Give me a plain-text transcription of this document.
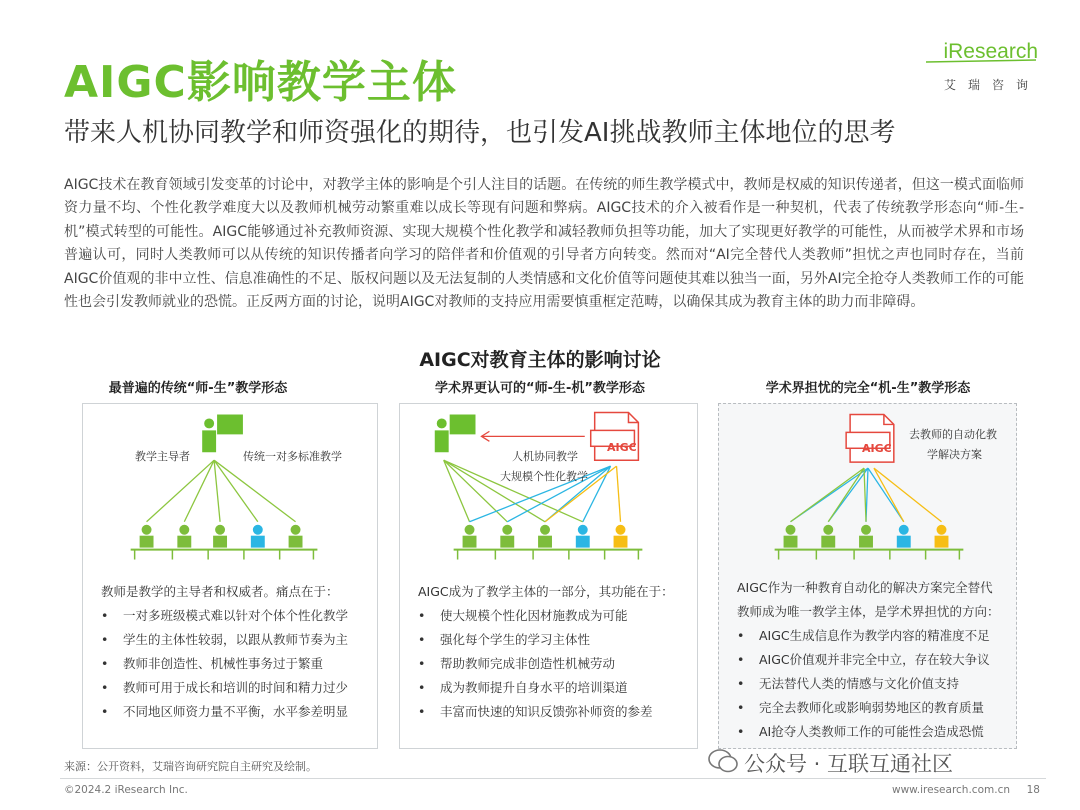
AIGC影响教学主体
iResearch
艾瑞咨询
带来人机协同教学和师资强化的期待，也引发AI挑战教师主体地位的思考
AIGC技术在教育领域引发变革的讨论中，对教学主体的影响是个引人注目的话题。在传统的师生教学模式中，教师是权威的知识传递者，但这一模式面临师资力量不均、个性化教学难度大以及教师机械劳动繁重难以成长等现有问题和弊病。AIGC技术的介入被看作是一种契机，代表了传统教学形态向“师-生-机”模式转型的可能性。AIGC能够通过补充教师资源、实现大规模个性化教学和减轻教师负担等功能，加大了实现更好教学的可能性，从而被学术界和市场普遍认可，同时人类教师可以从传统的知识传播者向学习的陪伴者和价值观的引导者方向转变。然而对“AI完全替代人类教师”担忧之声也同时存在，当前AIGC价值观的非中立性、信息准确性的不足、版权问题以及无法复制的人类情感和文化价值等问题使其难以独当一面，另外AI完全抢夺人类教师工作的可能性也会引发教师就业的恐慌。正反两方面的讨论，说明AIGC对教师的支持应用需要慎重框定范畴，以确保其成为教育主体的助力而非障碍。
AIGC对教育主体的影响讨论
最普遍的传统“师-生”教学形态	学术界更认可的“师-生-机”教学形态	学术界担忧的完全“机-生”教学形态
教学主导者	传统一对多标准教学
教师是教学的主导者和权威者。痛点在于：
• 一对多班级模式难以针对个体个性化教学
• 学生的主体性较弱，以跟从教师节奏为主
• 教师非创造性、机械性事务过于繁重
• 教师可用于成长和培训的时间和精力过少
• 不同地区师资力量不平衡，水平参差明显
AIGC
人机协同教学
大规模个性化教学
AIGC成为了教学主体的一部分，其功能在于：
• 使大规模个性化因材施教成为可能
• 强化每个学生的学习主体性
• 帮助教师完成非创造性机械劳动
• 成为教师提升自身水平的培训渠道
• 丰富而快速的知识反馈弥补师资的参差
AIGC
去教师的自动化教
学解决方案
AIGC作为一种教育自动化的解决方案完全替代
教师成为唯一教学主体，是学术界担忧的方向：
• AIGC生成信息作为教学内容的精准度不足
• AIGC价值观并非完全中立，存在较大争议
• 无法替代人类的情感与文化价值支持
• 完全去教师化或影响弱势地区的教育质量
• AI抢夺人类教师工作的可能性会造成恐慌
来源：公开资料，艾瑞咨询研究院自主研究及绘制。
©2024.2 iResearch Inc.	www.iresearch.com.cn 18
公众号 · 互联互通社区
